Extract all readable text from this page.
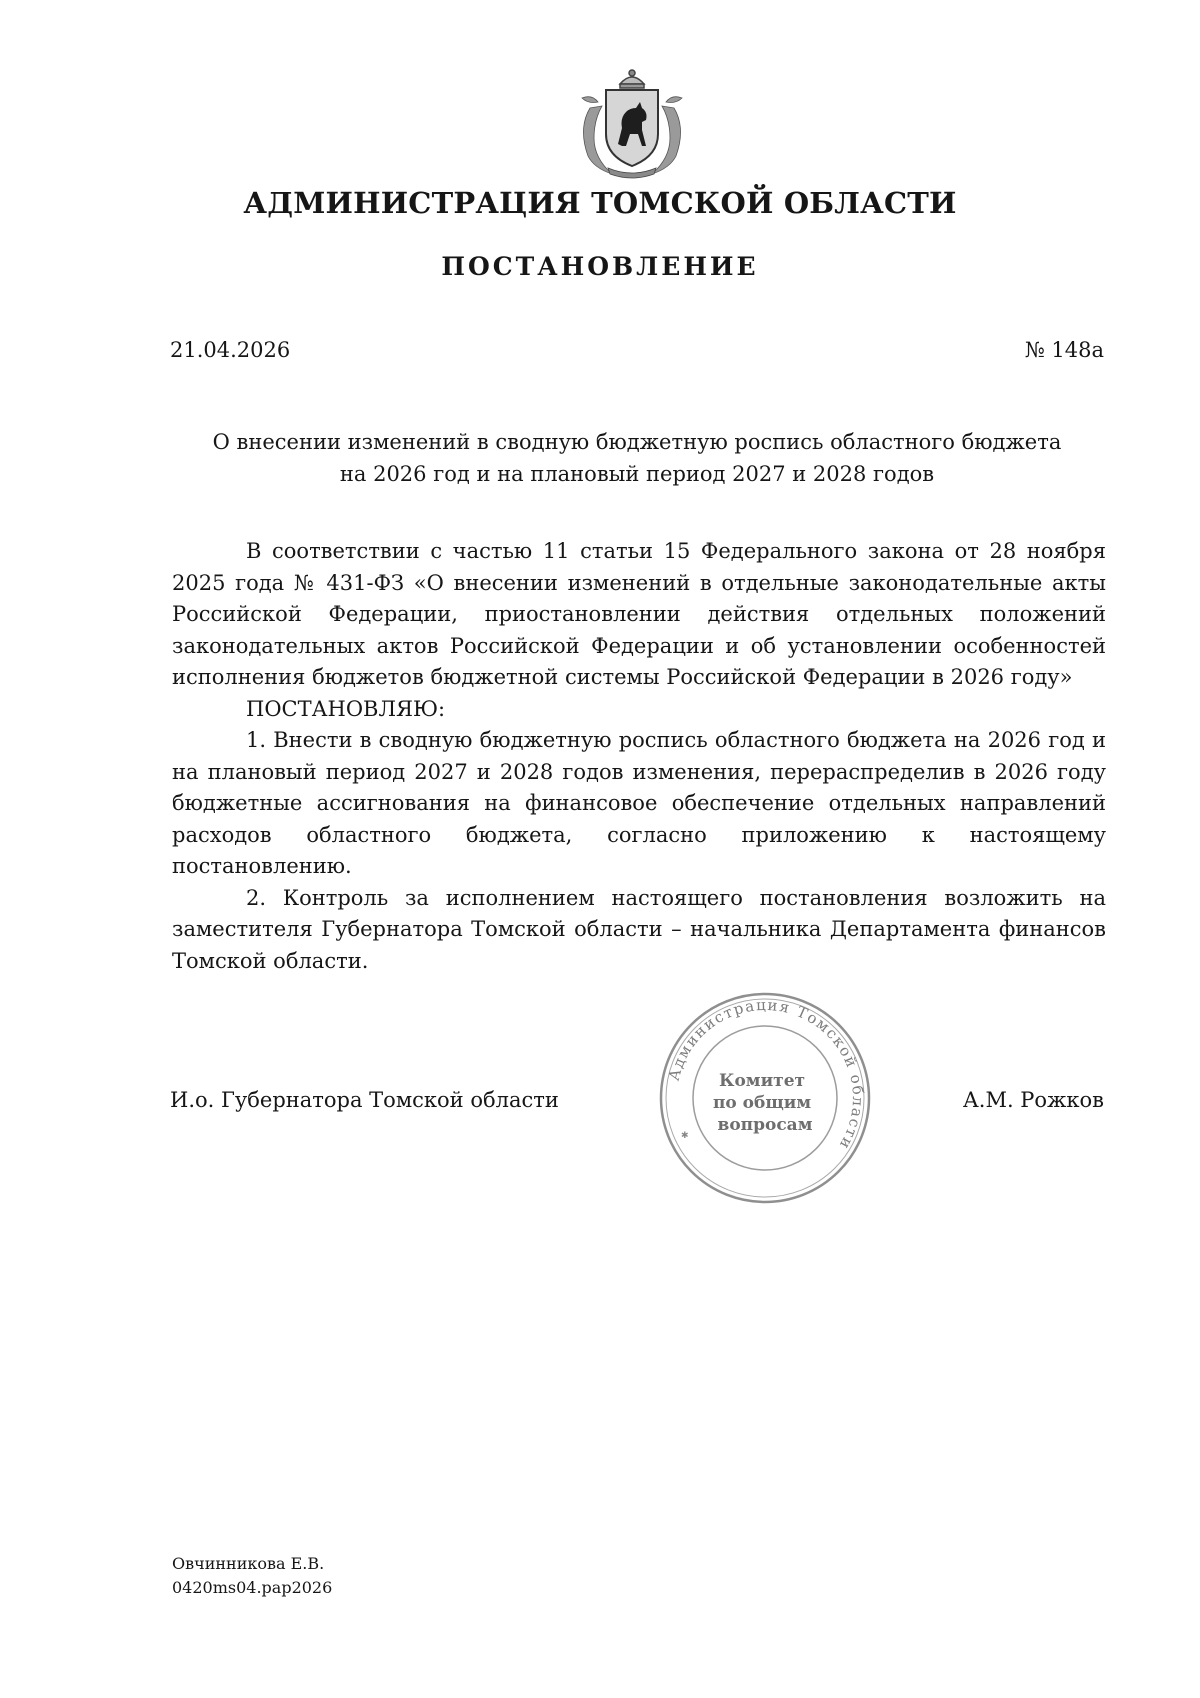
АДМИНИСТРАЦИЯ ТОМСКОЙ ОБЛАСТИ
ПОСТАНОВЛЕНИЕ
21.04.2026	№ 148а
О внесении изменений в сводную бюджетную роспись областного бюджета
на 2026 год и на плановый период 2027 и 2028 годов

В соответствии с частью 11 статьи 15 Федерального закона от 28 ноября 2025 года № 431-ФЗ «О внесении изменений в отдельные законодательные акты Российской Федерации, приостановлении действия отдельных положений законодательных актов Российской Федерации и об установлении особенностей исполнения бюджетов бюджетной системы Российской Федерации в 2026 году»

ПОСТАНОВЛЯЮ:

1. Внести в сводную бюджетную роспись областного бюджета на 2026 год и на плановый период 2027 и 2028 годов изменения, перераспределив в 2026 году бюджетные ассигнования на финансовое обеспечение отдельных направлений расходов областного бюджета, согласно приложению к настоящему постановлению.

2. Контроль за исполнением настоящего постановления возложить на заместителя Губернатора Томской области – начальника Департамента финансов Томской области.

Администрация Томской области
✱
Комитет по общим вопросам
И.о. Губернатора Томской области	А.М. Рожков
Овчинникова Е.В.
0420ms04.pap2026
